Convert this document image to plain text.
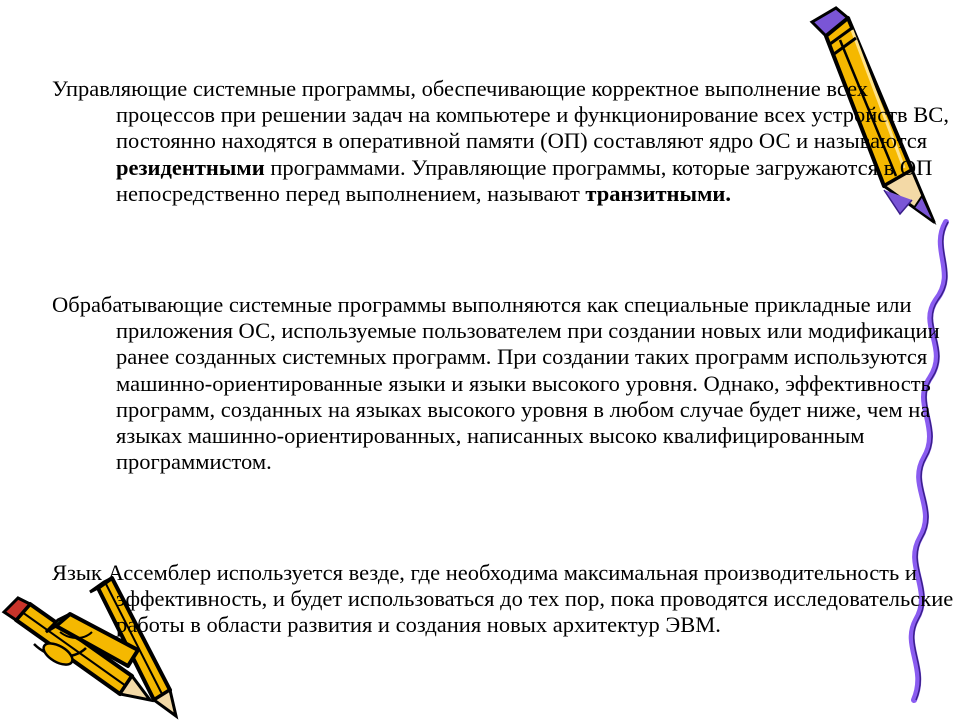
Управляющие системные программы, обеспечивающие корректное выполнение всех процессов при решении задач на компьютере и функционирование всех устройств ВС, постоянно находятся в оперативной памяти (ОП) составляют ядро ОС и называются резидентными программами. Управляющие программы, которые загружаются в ОП непосредственно перед выполнением, называют транзитными.

Обрабатывающие системные программы выполняются как специальные прикладные или приложения ОС, используемые пользователем при создании новых или модификации ранее созданных системных программ. При создании таких программ используются машинно-ориентированные языки и языки высокого уровня. Однако, эффективность программ, созданных на языках высокого уровня в любом случае будет ниже, чем на языках машинно-ориентированных, написанных высоко квалифицированным программистом.

Язык Ассемблер используется везде, где необходима максимальная производительность и эффективность, и будет использоваться до тех пор, пока проводятся исследовательские работы в области развития и создания новых архитектур ЭВМ.
